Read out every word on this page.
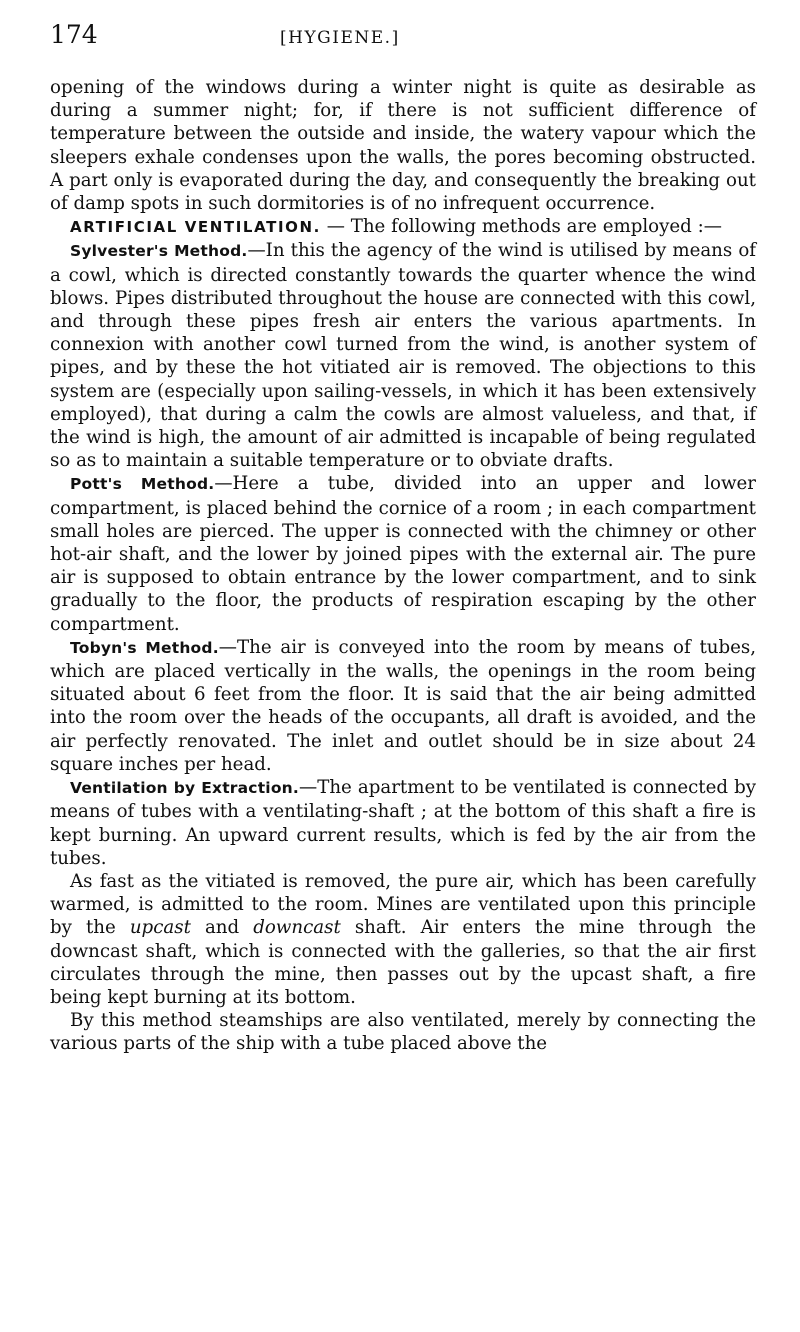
174	[HYGIENE.]

opening of the windows during a winter night is quite as desirable as during a summer night; for, if there is not sufficient difference of temperature between the outside and inside, the watery vapour which the sleepers exhale condenses upon the walls, the pores becoming obstructed. A part only is evaporated during the day, and consequently the breaking out of damp spots in such dormitories is of no infrequent occurrence.

ARTIFICIAL VENTILATION. — The following methods are employed :—

Sylvester's Method.—In this the agency of the wind is utilised by means of a cowl, which is directed constantly towards the quarter whence the wind blows. Pipes distributed throughout the house are connected with this cowl, and through these pipes fresh air enters the various apartments. In connexion with another cowl turned from the wind, is another system of pipes, and by these the hot vitiated air is removed. The objections to this system are (especially upon sailing-vessels, in which it has been extensively employed), that during a calm the cowls are almost valueless, and that, if the wind is high, the amount of air admitted is incapable of being regulated so as to maintain a suitable temperature or to obviate drafts.

Pott's Method.—Here a tube, divided into an upper and lower compartment, is placed behind the cornice of a room ; in each compartment small holes are pierced. The upper is connected with the chimney or other hot-air shaft, and the lower by joined pipes with the external air. The pure air is supposed to obtain entrance by the lower compartment, and to sink gradually to the floor, the products of respiration escaping by the other compartment.

Tobyn's Method.—The air is conveyed into the room by means of tubes, which are placed vertically in the walls, the openings in the room being situated about 6 feet from the floor. It is said that the air being admitted into the room over the heads of the occupants, all draft is avoided, and the air perfectly renovated. The inlet and outlet should be in size about 24 square inches per head.

Ventilation by Extraction.—The apartment to be ventilated is connected by means of tubes with a ventilating-shaft ; at the bottom of this shaft a fire is kept burning. An upward current results, which is fed by the air from the tubes.

As fast as the vitiated is removed, the pure air, which has been carefully warmed, is admitted to the room. Mines are ventilated upon this principle by the upcast and downcast shaft. Air enters the mine through the downcast shaft, which is connected with the galleries, so that the air first circulates through the mine, then passes out by the upcast shaft, a fire being kept burning at its bottom.

By this method steamships are also ventilated, merely by connecting the various parts of the ship with a tube placed above the
